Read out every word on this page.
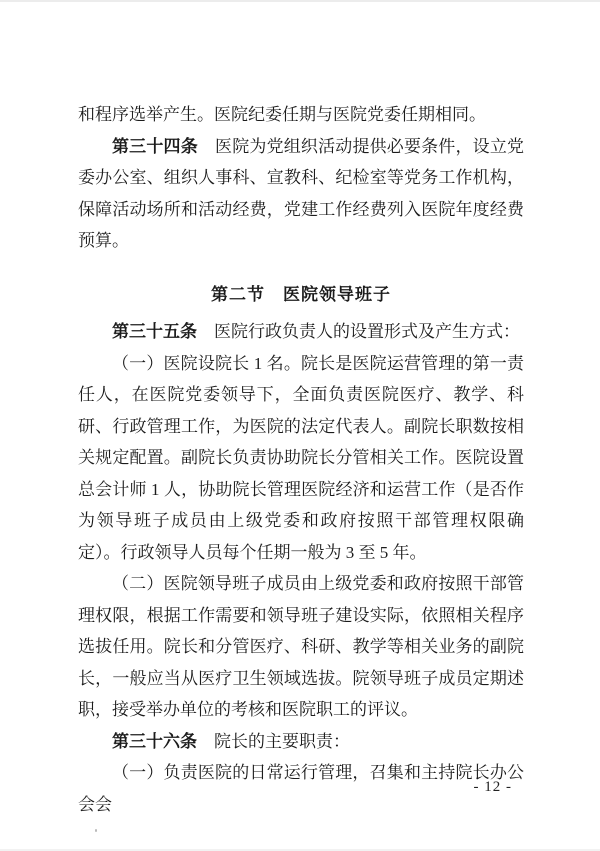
和程序选举产生。医院纪委任期与医院党委任期相同。

第三十四条　医院为党组织活动提供必要条件，设立党委办公室、组织人事科、宣教科、纪检室等党务工作机构，保障活动场所和活动经费，党建工作经费列入医院年度经费预算。

第二节　医院领导班子

第三十五条　医院行政负责人的设置形式及产生方式：

（一）医院设院长 1 名。院长是医院运营管理的第一责任人，在医院党委领导下，全面负责医院医疗、教学、科研、行政管理工作，为医院的法定代表人。副院长职数按相关规定配置。副院长负责协助院长分管相关工作。医院设置总会计师 1 人，协助院长管理医院经济和运营工作（是否作为领导班子成员由上级党委和政府按照干部管理权限确定）。行政领导人员每个任期一般为 3 至 5 年。

（二）医院领导班子成员由上级党委和政府按照干部管理权限，根据工作需要和领导班子建设实际，依照相关程序选拔任用。院长和分管医疗、科研、教学等相关业务的副院长，一般应当从医疗卫生领域选拔。院领导班子成员定期述职，接受举办单位的考核和医院职工的评议。

第三十六条　院长的主要职责：

（一）负责医院的日常运行管理，召集和主持院长办公会会

- 12 -
